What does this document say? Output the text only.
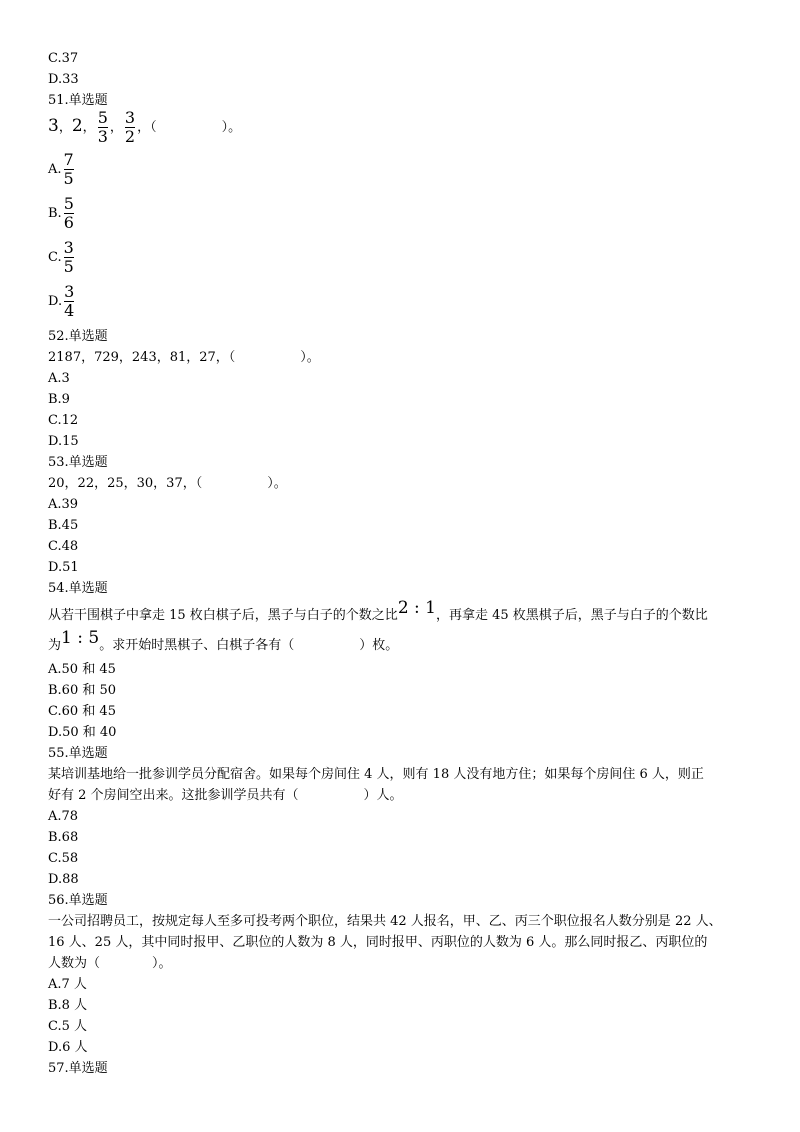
C.37
D.33
51.单选题
3，2， $\frac{5}{3}$ ， $\frac{3}{2}$ ，（　　　　　）。
A. $\frac{7}{5}$
B. $\frac{5}{6}$
C. $\frac{3}{5}$
D. $\frac{3}{4}$
52.单选题
2187，729，243，81，27，（　　　　　）。
A.3
B.9
C.12
D.15
53.单选题
20，22，25，30，37，（　　　　　）。
A.39
B.45
C.48
D.51
54.单选题
从若干围棋子中拿走 15 枚白棋子后，黑子与白子的个数之比2 : 1，再拿走 45 枚黑棋子后，黑子与白子的个数比
为1 : 5。求开始时黑棋子、白棋子各有（　　　　　）枚。
A.50 和 45
B.60 和 50
C.60 和 45
D.50 和 40
55.单选题
某培训基地给一批参训学员分配宿舍。如果每个房间住 4 人，则有 18 人没有地方住；如果每个房间住 6 人，则正
好有 2 个房间空出来。这批参训学员共有（　　　　　）人。
A.78
B.68
C.58
D.88
56.单选题
一公司招聘员工，按规定每人至多可投考两个职位，结果共 42 人报名，甲、乙、丙三个职位报名人数分别是 22 人、
16 人、25 人，其中同时报甲、乙职位的人数为 8 人，同时报甲、丙职位的人数为 6 人。那么同时报乙、丙职位的
人数为（　　　　）。
A.7 人
B.8 人
C.5 人
D.6 人
57.单选题
